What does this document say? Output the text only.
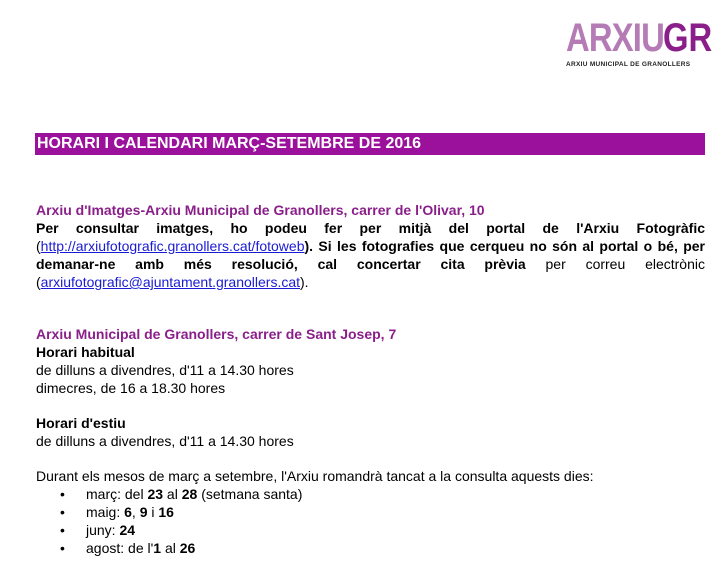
ARXIU GR
ARXIU MUNICIPAL DE GRANOLLERS
HORARI I CALENDARI MARÇ-SETEMBRE DE 2016
Arxiu d'Imatges-Arxiu Municipal de Granollers, carrer de l'Olivar, 10
Per consultar imatges, ho podeu fer per mitjà del portal de l'Arxiu Fotogràfic (http://arxiufotografic.granollers.cat/fotoweb). Si les fotografies que cerqueu no són al portal o bé, per demanar-ne amb més resolució, cal concertar cita prèvia per correu electrònic (arxiufotografic@ajuntament.granollers.cat).
Arxiu Municipal de Granollers, carrer de Sant Josep, 7
Horari habitual
de dilluns a divendres, d'11 a 14.30 hores
dimecres, de 16 a 18.30 hores
Horari d'estiu
de dilluns a divendres, d'11 a 14.30 hores
Durant els mesos de març a setembre, l'Arxiu romandrà tancat a la consulta aquests dies:
• març: del 23 al 28 (setmana santa)
• maig: 6, 9 i 16
• juny: 24
• agost: de l'1 al 26
